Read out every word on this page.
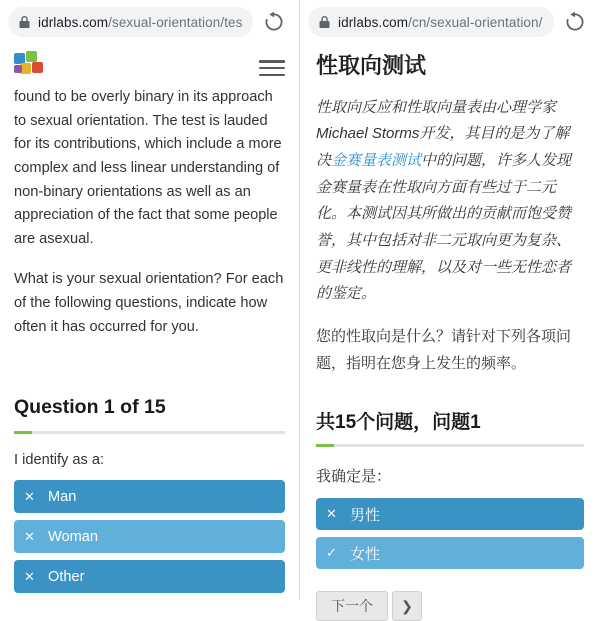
idrlabs.com/sexual-orientation/tes

found to be overly binary in its approach to sexual orientation. The test is lauded for its contributions, which include a more complex and less linear understanding of non-binary orientations as well as an appreciation of the fact that some people are asexual.

What is your sexual orientation? For each of the following questions, indicate how often it has occurred for you.

Question 1 of 15

I identify as a:

✕ Man
✕ Woman
✕ Other
idrlabs.com/cn/sexual-orientation/
性取向测试

性取向反应和性取向量表由心理学家Michael Storms开发，其目的是为了解决金赛量表测试中的问题，许多人发现金赛量表在性取向方面有些过于二元化。本测试因其所做出的贡献而饱受赞誉，其中包括对非二元取向更为复杂、更非线性的理解，以及对一些无性恋者的鉴定。

您的性取向是什么？请针对下列各项问题，指明在您身上发生的频率。

共15个问题，问题1

我确定是：

✕ 男性
✓ 女性
下一个	❯
